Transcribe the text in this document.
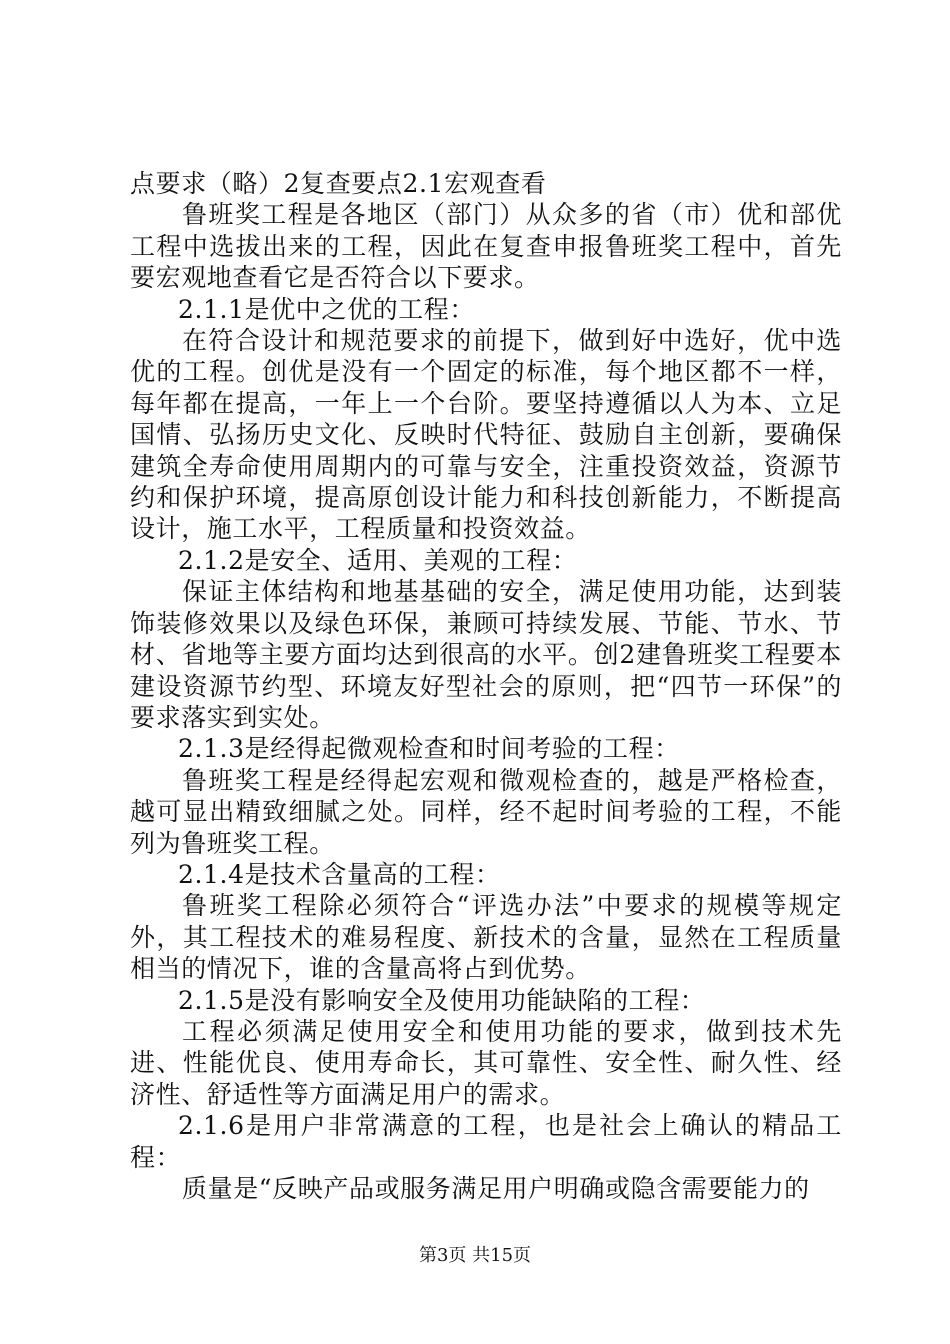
点要求（略）2复查要点2.1宏观查看

鲁班奖工程是各地区（部门）从众多的省（市）优和部优工程中选拔出来的工程，因此在复查申报鲁班奖工程中，首先要宏观地查看它是否符合以下要求。

2.1.1是优中之优的工程：

在符合设计和规范要求的前提下，做到好中选好，优中选优的工程。创优是没有一个固定的标准，每个地区都不一样，每年都在提高，一年上一个台阶。要坚持遵循以人为本、立足国情、弘扬历史文化、反映时代特征、鼓励自主创新，要确保建筑全寿命使用周期内的可靠与安全，注重投资效益，资源节约和保护环境，提高原创设计能力和科技创新能力，不断提高设计，施工水平，工程质量和投资效益。

2.1.2是安全、适用、美观的工程：

保证主体结构和地基基础的安全，满足使用功能，达到装饰装修效果以及绿色环保，兼顾可持续发展、节能、节水、节材、省地等主要方面均达到很高的水平。创2建鲁班奖工程要本建设资源节约型、环境友好型社会的原则，把“四节一环保”的要求落实到实处。

2.1.3是经得起微观检查和时间考验的工程：

鲁班奖工程是经得起宏观和微观检查的，越是严格检查，越可显出精致细腻之处。同样，经不起时间考验的工程，不能列为鲁班奖工程。

2.1.4是技术含量高的工程：

鲁班奖工程除必须符合“评选办法”中要求的规模等规定外，其工程技术的难易程度、新技术的含量，显然在工程质量相当的情况下，谁的含量高将占到优势。

2.1.5是没有影响安全及使用功能缺陷的工程：

工程必须满足使用安全和使用功能的要求，做到技术先进、性能优良、使用寿命长，其可靠性、安全性、耐久性、经济性、舒适性等方面满足用户的需求。

2.1.6是用户非常满意的工程，也是社会上确认的精品工程：

质量是“反映产品或服务满足用户明确或隐含需要能力的

第3页 共15页
